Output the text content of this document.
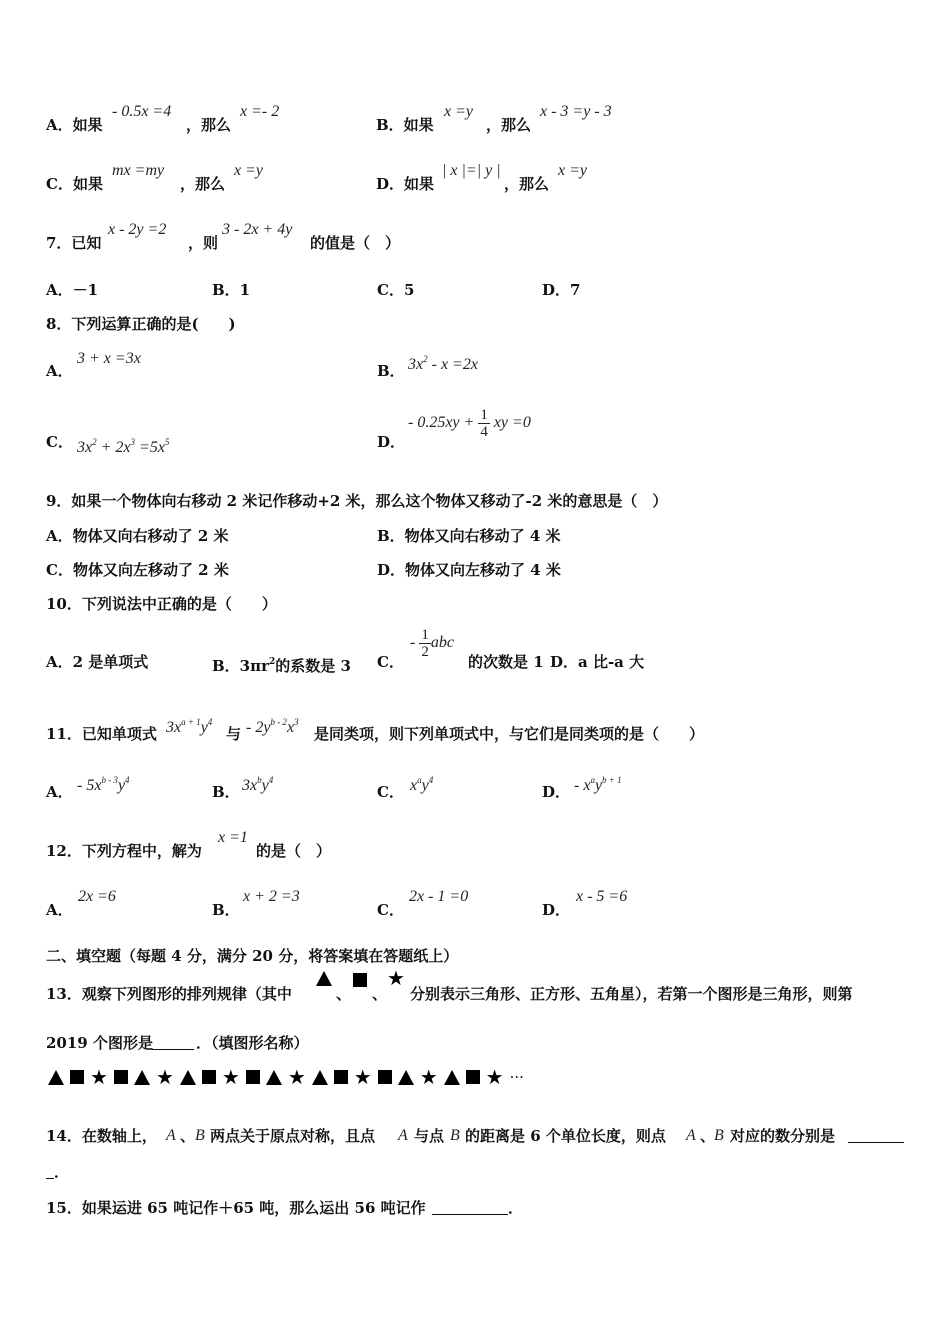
A．如果
- 0.5x =4
，那么
x =- 2
B．如果
x =y
，那么
x - 3 =y - 3
C．如果
mx =my
，那么
x =y
D．如果
| x |=| y |
，那么
x =y
7．已知
x - 2y =2
，则
3 - 2x + 4y
的值是（　）
A．－1	B．1	C．5	D．7
8．下列运算正确的是(　　)
A．
3 + x =3x
B． $3x^2 - x =2x$
C． $3x^2 + 2x^3 =5x^5$	D．
- $0.25xy + \frac{1}{4}$ xy =0
9．如果一个物体向右移动 2 米记作移动+2 米，那么这个物体又移动了-2 米的意思是（　）
A．物体又向右移动了 2 米	B．物体又向右移动了 4 米
C．物体又向左移动了 2 米	D．物体又向左移动了 4 米
10．下列说法中正确的是（　　）
A．2 是单项式	B．$3\pi r^2$的系数是 3 C．
- $\frac{1}{2}$ abc
的次数是 1 D．a 比-a 大
11．已知单项式 $3x^{a + 1}y^4$
与 - $2y^{b - 2}x^3$
是同类项，则下列单项式中，与它们是同类项的是（　　）
A． - $5x^{b - 3}y^4$
B． $3x^by^4$
C． $x^ay^4$
D． - $x^ay^{b + 1}$
12．下列方程中，解为
x =1
的是（　）
A．
2x =6
B．
x + 2 =3
C．
2x - 1 =0
D．
x - 5 =6
二、填空题（每题 4 分，满分 20 分，将答案填在答题纸上）
13．观察下列图形的排列规律（其中	、 、
★
分别表示三角形、正方形、五角星），若第一个图形是三角形，则第
2019 个图形是	．（填图形名称）
★ ★ ★ ★ ★ ★ ★ ···
14．在数轴上， A 、 B 两点关于原点对称，且点 A 与点 B 的距离是 6 个单位长度，则点 A 、
B 对应的数分别是
．
15．如果运进 65 吨记作＋65 吨，那么运出 56 吨记作	．
